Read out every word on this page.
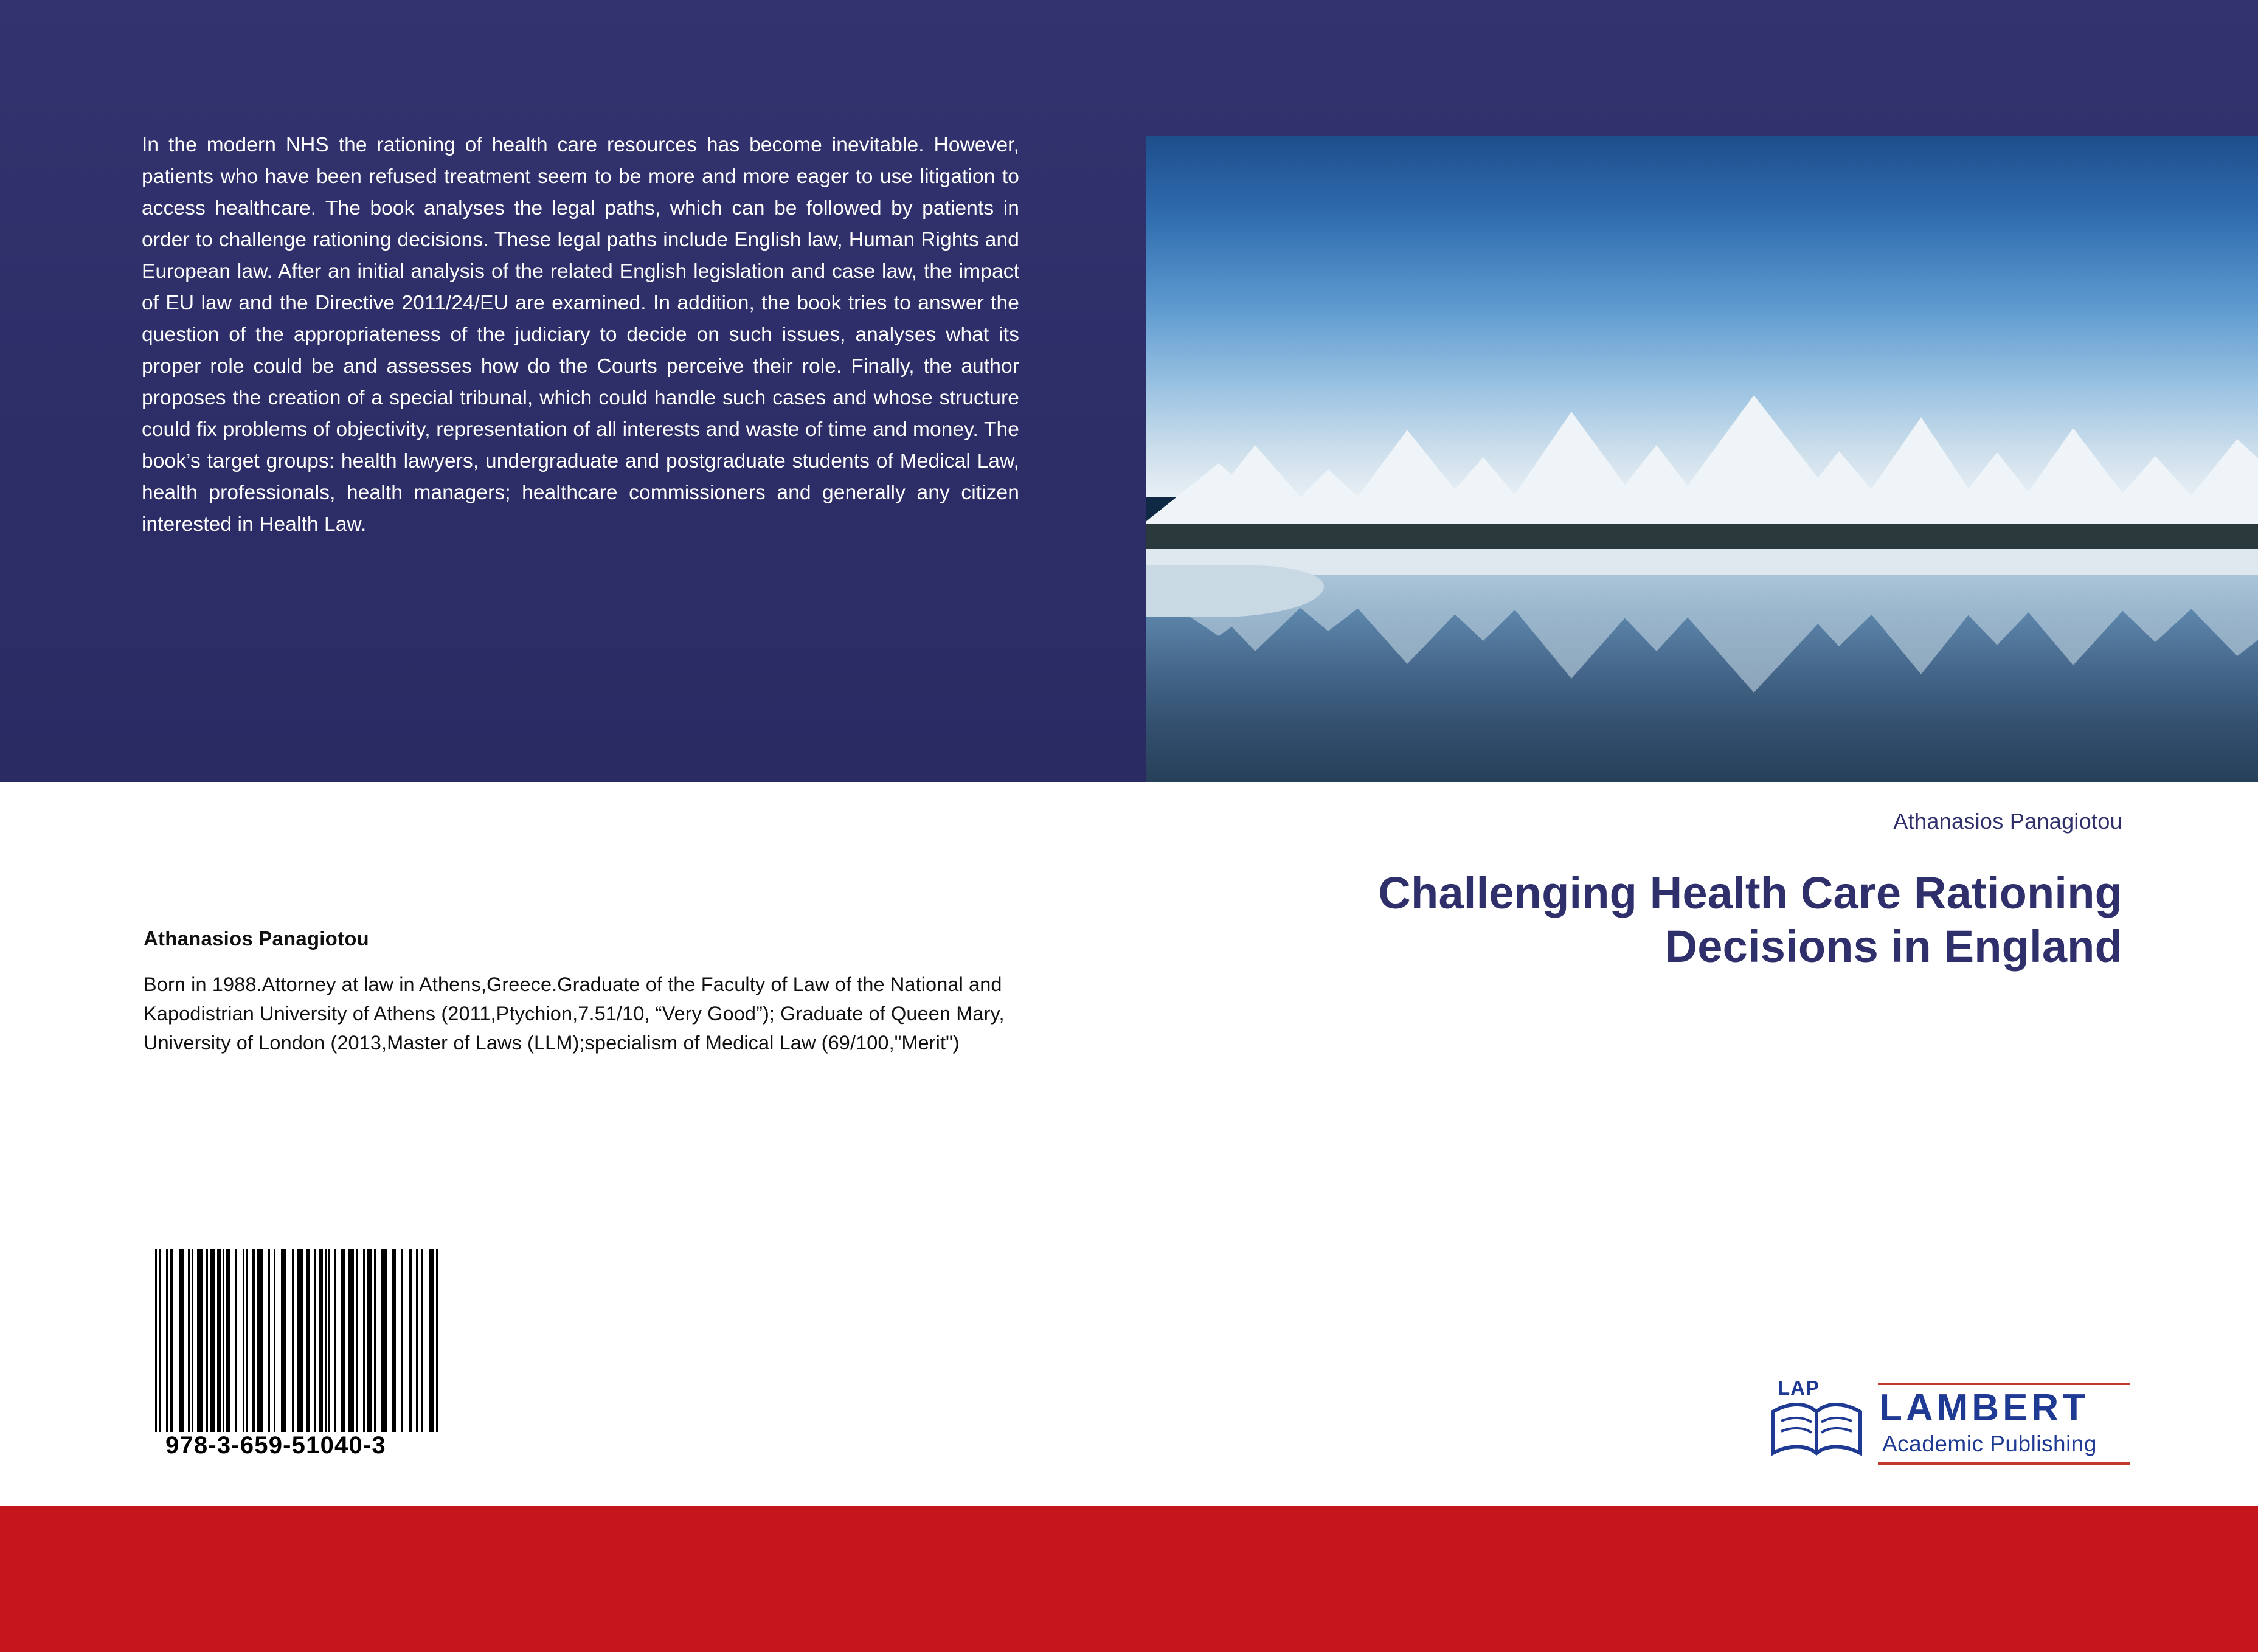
In the modern NHS the rationing of health care resources has become inevitable. However, patients who have been refused treatment seem to be more and more eager to use litigation to access healthcare. The book analyses the legal paths, which can be followed by patients in order to challenge rationing decisions. These legal paths include English law, Human Rights and European law. After an initial analysis of the related English legislation and case law, the impact of EU law and the Directive 2011/24/EU are examined. In addition, the book tries to answer the question of the appropriateness of the judiciary to decide on such issues, analyses what its proper role could be and assesses how do the Courts perceive their role. Finally, the author proposes the creation of a special tribunal, which could handle such cases and whose structure could fix problems of objectivity, representation of all interests and waste of time and money. The book’s target groups: health lawyers, undergraduate and postgraduate students of Medical Law, health professionals, health managers; healthcare commissioners and generally any citizen interested in Health Law.
Athanasios Panagiotou
Challenging Health Care Rationing Decisions in England
Athanasios Panagiotou
Born in 1988.Attorney at law in Athens,Greece.Graduate of the Faculty of Law of the National and Kapodistrian University of Athens (2011,Ptychion,7.51/10, “Very Good”); Graduate of Queen Mary, University of London (2013,Master of Laws (LLM);specialism of Medical Law (69/100,"Merit")
978-3-659-51040-3
LAP LAMBERT
Academic Publishing
